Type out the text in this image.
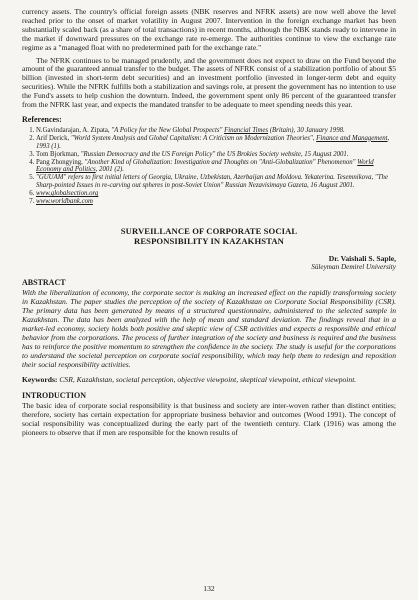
currency assets. The country's official foreign assets (NBK reserves and NFRK assets) are now well above the level reached prior to the onset of market volatility in August 2007. Intervention in the foreign exchange market has been substantially scaled back (as a share of total transactions) in recent months, although the NBK stands ready to intervene in the market if downward pressures on the exchange rate re-emerge. The authorities continue to view the exchange rate regime as a "managed float with no predetermined path for the exchange rate."

The NFRK continues to be managed prudently, and the government does not expect to draw on the Fund beyond the amount of the guaranteed annual transfer to the budget. The assets of NFRK consist of a stabilization portfolio of about $5 billion (invested in short-term debt securities) and an investment portfolio (invested in longer-term debt and equity securities). While the NFRK fulfills both a stabilization and savings role, at present the government has no intention to use the Fund's assets to help cushion the downturn. Indeed, the government spent only 86 percent of the guaranteed transfer from the NFRK last year, and expects the mandated transfer to be adequate to meet spending needs this year.

References:
1. N.Gavindarajan, A. Zipata, "A Policy for the New Global Prospects" Financial Times (Britain), 30 January 1998.
2. Arif Derick, "World System Analysis and Global Capitalism: A Criticism on Modernization Theories", Finance and Management, 1993 (1).
3. Tom Bjorkman, "Russian Democracy and the US Foreign Policy" the US Brokies Society website, 15 August 2001.
4. Pang Zhongying, "Another Kind of Globalization: Investigation and Thoughts on "Anti-Globalization" Phenomenon" World Economy and Politics, 2001 (2).
5. "GUUAM" refers to first initial letters of Georgia, Ukraine, Uzbekistan, Azerbaijan and Moldova. Yekaterina. Tesemnikova, "The Sharp-pointed Issues in re-carving out spheres in post-Soviet Union" Russian Nezavisimaya Gazeta, 16 August 2001.
6. www.globalsection.org
7. www.worldbank.com
SURVEILLANCE OF CORPORATE SOCIAL
RESPONSIBILITY IN KAZAKHSTAN
Dr. Vaishali S. Saple,
Süleyman Demirel University
ABSTRACT
With the liberalization of economy, the corporate sector is making an increased effect on the rapidly transforming society in Kazakhstan. The paper studies the perception of the society of Kazakhstan on Corporate Social Responsibility (CSR). The primary data has been generated by means of a structured questionnaire, administered to the selected sample in Kazakhstan. The data has been analyzed with the help of mean and standard deviation. The findings reveal that in a market-led economy, society holds both positive and skeptic view of CSR activities and expects a responsible and ethical behavior from the corporations. The process of further integration of the society and business is required and the business has to reinforce the positive momentum to strengthen the confidence in the society. The study is useful for the corporations to understand the societal perception on corporate social responsibility, which may help them to redesign and reposition their social responsibility activities.
Keywords: CSR, Kazakhstan, societal perception, objective viewpoint, skeptical viewpoint, ethical viewpoint.
INTRODUCTION

The basic idea of corporate social responsibility is that business and society are inter-woven rather than distinct entities; therefore, society has certain expectation for appropriate business behavior and outcomes (Wood 1991). The concept of social responsibility was conceptualized during the early part of the twentieth century. Clark (1916) was among the pioneers to observe that if men are responsible for the known results of

132
